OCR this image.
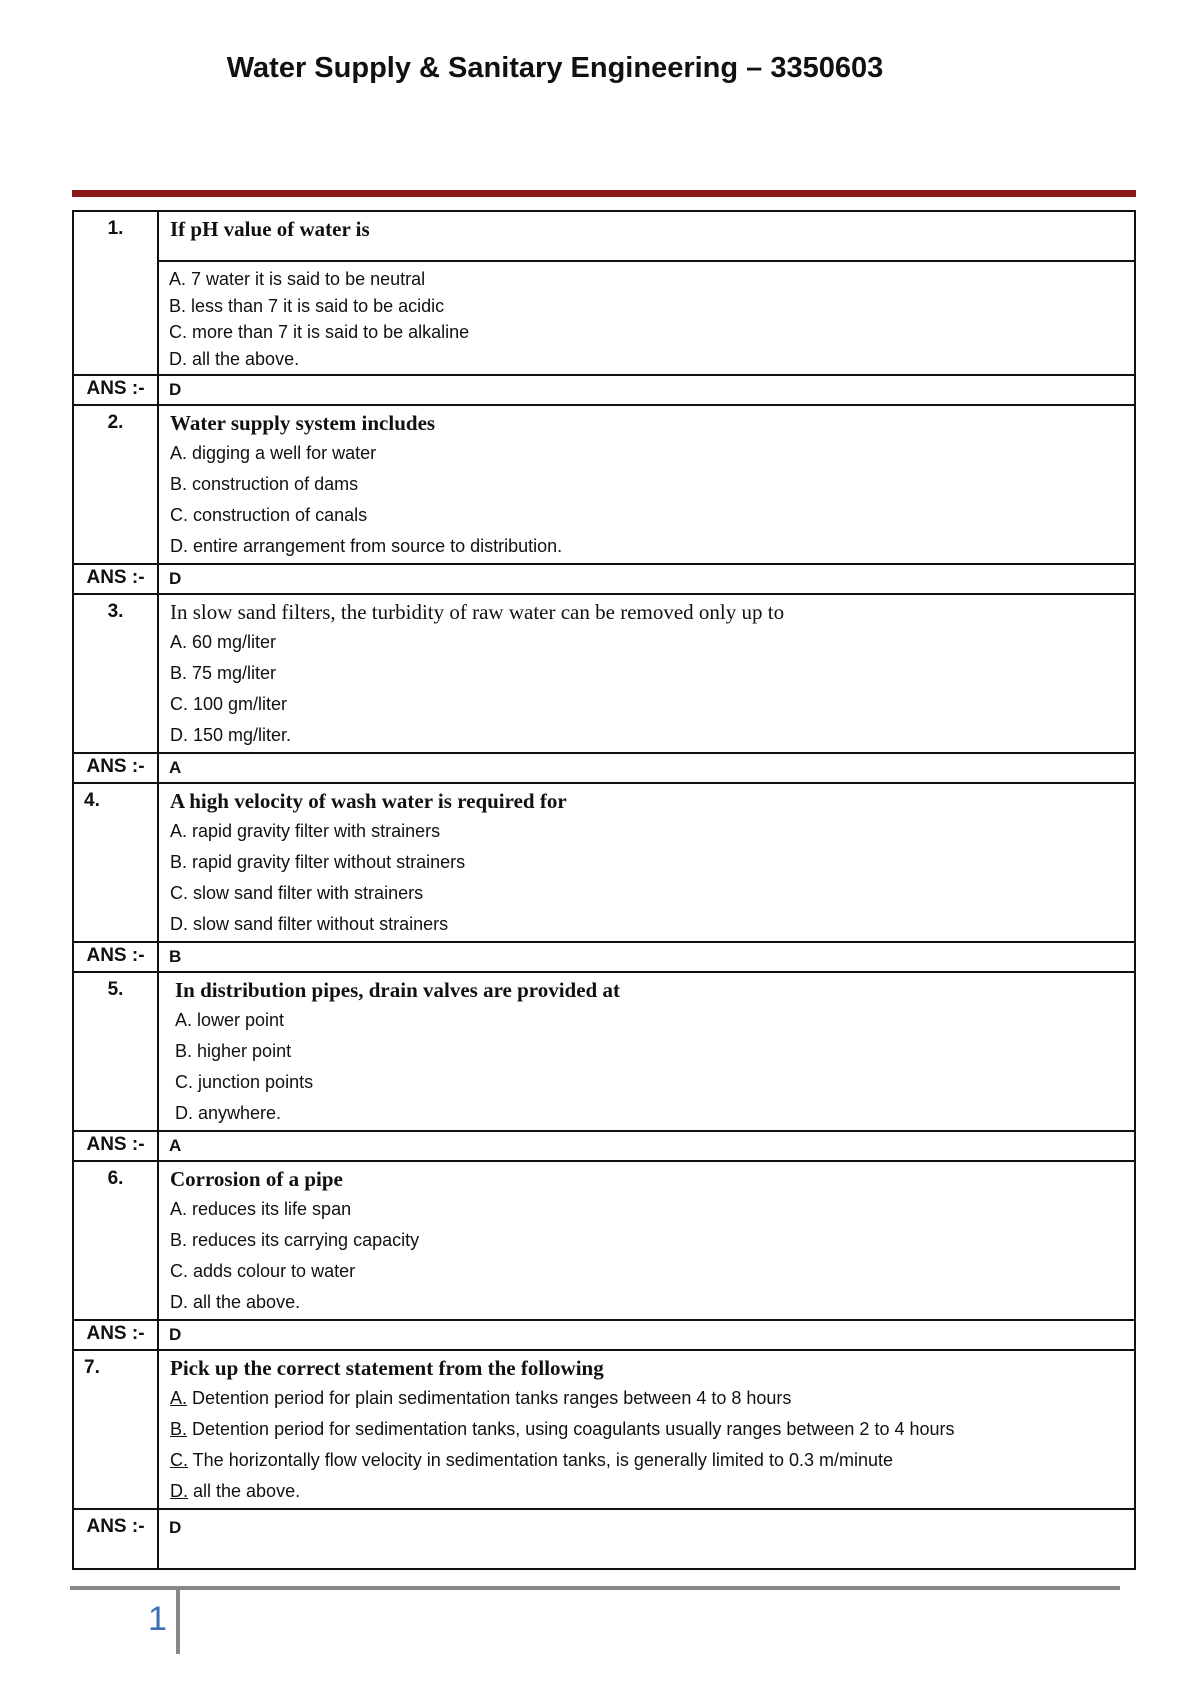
Water Supply & Sanitary Engineering – 3350603
1.	If pH value of water is

	A. 7 water it is said to be neutral
B. less than 7 it is said to be acidic
C. more than 7 it is said to be alkaline
D. all the above.

ANS :-	D
2.	Water supply system includes
A. digging a well for water
B. construction of dams
C. construction of canals
D. entire arrangement from source to distribution.

ANS :-	D
3.	In slow sand filters, the turbidity of raw water can be removed only up to
A. 60 mg/liter
B. 75 mg/liter
C. 100 gm/liter
D. 150 mg/liter.

ANS :-	A
4.	A high velocity of wash water is required for
A. rapid gravity filter with strainers
B. rapid gravity filter without strainers
C. slow sand filter with strainers
D. slow sand filter without strainers

ANS :-	B
5.	In distribution pipes, drain valves are provided at
A. lower point
B. higher point
C. junction points
D. anywhere.

ANS :-	A
6.	Corrosion of a pipe
A. reduces its life span
B. reduces its carrying capacity
C. adds colour to water
D. all the above.

ANS :-	D
7.	Pick up the correct statement from the following
A. Detention period for plain sedimentation tanks ranges between 4 to 8 hours
B. Detention period for sedimentation tanks, using coagulants usually ranges between 2 to 4 hours
C. The horizontally flow velocity in sedimentation tanks, is generally limited to 0.3 m/minute
D. all the above.

ANS :-	D
1
